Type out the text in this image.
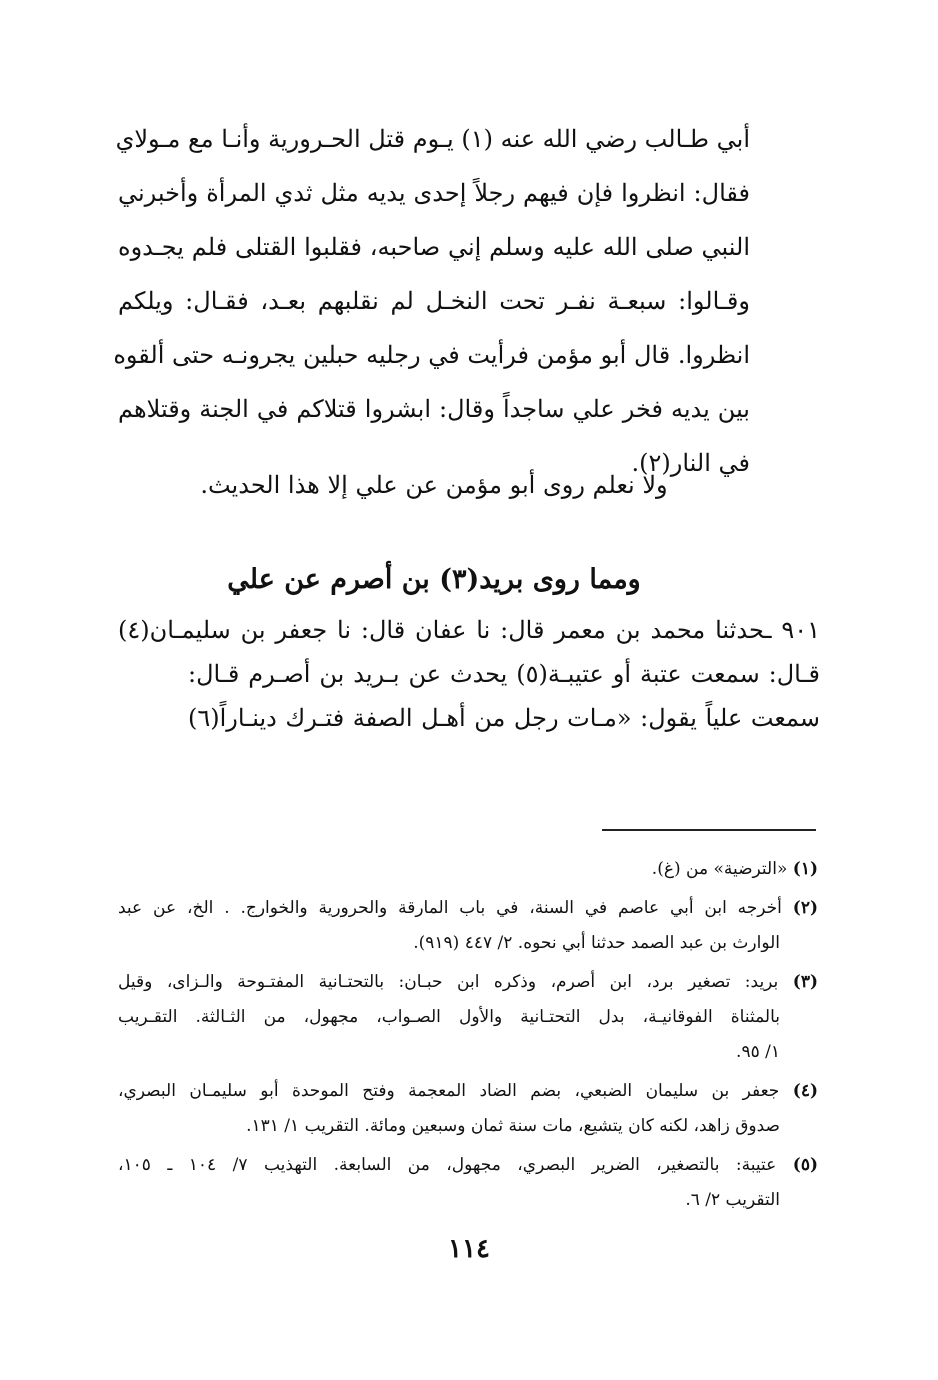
أبي طـالب رضي الله عنه (١) يـوم قتل الحـرورية وأنـا مع مـولاي
فقال: انظروا فإن فيهم رجلاً إحدى يديه مثل ثدي المرأة وأخبرني
النبي صلى الله عليه وسلم إني صاحبه، فقلبوا القتلى فلم يجـدوه
وقـالوا: سبعـة نفـر تحت النخـل لم نقلبهم بعـد، فقـال: ويلكم
انظروا. قال أبو مؤمن فرأيت في رجليه حبلين يجرونـه حتى ألقوه
بين يديه فخر علي ساجداً وقال: ابشروا قتلاكم في الجنة وقتلاهم
في النار(٢).
ولا نعلم روى أبو مؤمن عن علي إلا هذا الحديث.
ومما روى بريد(٣) بن أصرم عن علي
٩٠١ ـحدثنا محمد بن معمر قال: نا عفان قال: نا جعفر بن سليمـان(٤)
قـال: سمعت عتبة أو عتيبـة(٥) يحدث عن بـريد بن أصـرم قـال:
سمعت علياً يقول: «مـات رجل من أهـل الصفة فتـرك دينـاراً(٦)
(١) «الترضية» من (غ).
(٢) أخرجه ابن أبي عاصم في السنة، في باب المارقة والحرورية والخوارج. . الخ، عن عبد
الوارث بن عبد الصمد حدثنا أبي نحوه. ٢/ ٤٤٧ (٩١٩).
(٣) بريد: تصغير برد، ابن أصرم، وذكره ابن حبـان: بالتحتـانية المفتـوحة والـزاى، وقيل
بالمثناة الفوقانيـة، بدل التحتـانية والأول الصـواب، مجهول، من الثـالثة. التقـريب
١/ ٩٥.
(٤) جعفر بن سليمان الضبعي، بضم الضاد المعجمة وفتح الموحدة أبو سليمـان البصري،
صدوق زاهد، لكنه كان يتشيع، مات سنة ثمان وسبعين ومائة. التقريب ١/ ١٣١.
(٥) عتيبة: بالتصغير، الضرير البصري، مجهول، من السابعة. التهذيب ٧/ ١٠٤ ـ ١٠٥،
التقريب ٢/ ٦.
١١٤
